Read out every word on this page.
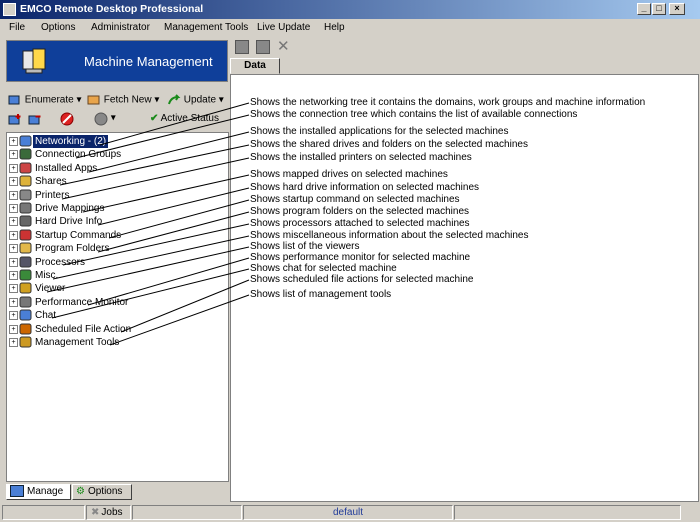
EMCO Remote Desktop Professional	_	□	×
File Options Administrator Management Tools Live Update Help
Machine Management
Enumerate ▾	Fetch New ▾	Update ▾
▾	✔ Active Status
+ Networking - (2)
+ Connection Groups
+ Installed Apps
+ Shares
+ Printers
+ Drive Mappings
+ Hard Drive Info
+ Startup Commands
+ Program Folders
+ Processors
+ Misc.
+ Viewer
+ Performance Monitor
+ Chat
+ Scheduled File Action
+ Management Tools
Manage	⚙ Options
✕
Data
Shows the networking tree it contains the domains, work groups and machine information
Shows the connection tree which contains the list of available connections
Shows the installed applications for the selected machines
Shows the shared drives and folders on the selected machines
Shows the installed printers on selected machines
Shows mapped drives on selected machines
Shows hard drive information on selected machines
Shows startup command on selected machines
Shows program folders on the selected machines
Shows processors attached to selected machines
Shows miscellaneous information about the selected machines
Shows list of the viewers
Shows performance monitor for selected machine
Shows chat for selected machine
Shows scheduled file actions for selected machine
Shows list of management tools
✖ Jobs	default
